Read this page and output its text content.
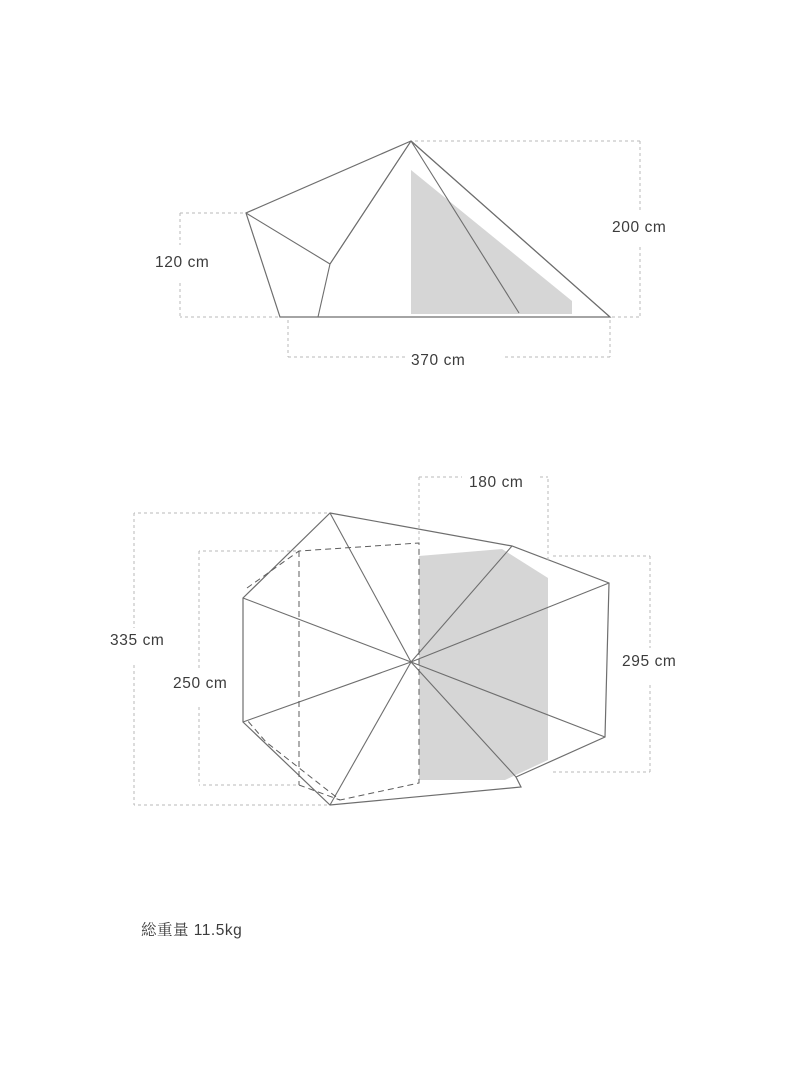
200 cm
120 cm
370 cm
180 cm
295 cm
335 cm
250 cm
総重量 11.5kg
